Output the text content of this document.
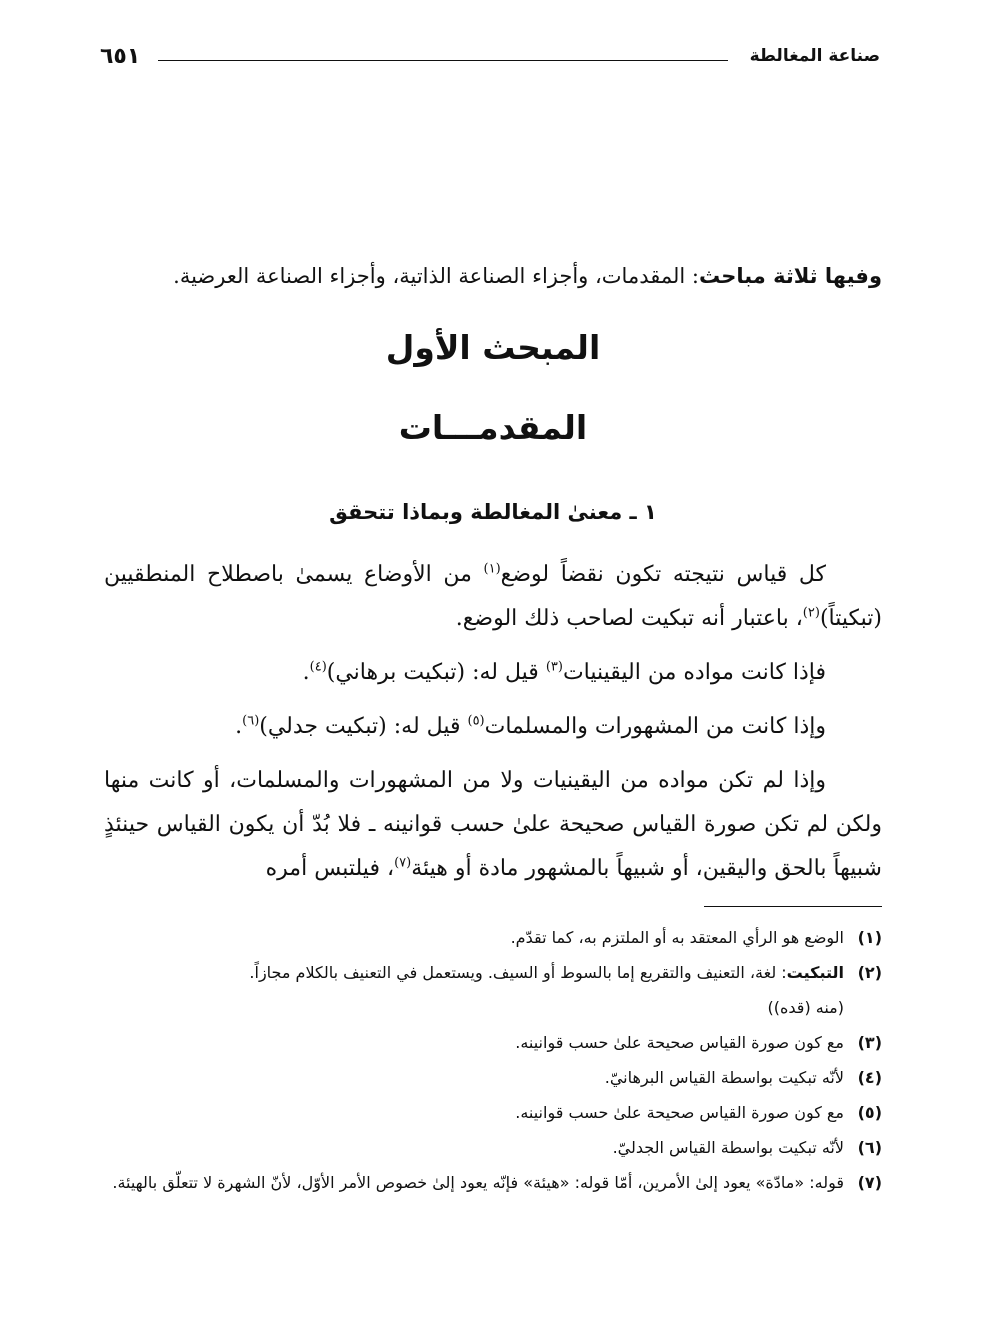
٦٥١	صناعة المغالطة

وفيها ثلاثة مباحث: المقدمات، وأجزاء الصناعة الذاتية، وأجزاء الصناعة العرضية.

المبحث الأول
المقدمـــات
١ ـ معنىٰ المغالطة وبماذا تتحقق

كل قياس نتيجته تكون نقضاً لوضع$^{(١)}$ من الأوضاع يسمىٰ باصطلاح المنطقيين (تبكيتاً)$^{(٢)}$، باعتبار أنه تبكيت لصاحب ذلك الوضع.

فإذا كانت مواده من اليقينيات$^{(٣)}$ قيل له: (تبكيت برهاني)$^{(٤)}$.

وإذا كانت من المشهورات والمسلمات$^{(٥)}$ قيل له: (تبكيت جدلي)$^{(٦)}$.

وإذا لم تكن مواده من اليقينيات ولا من المشهورات والمسلمات، أو كانت منها ولكن لم تكن صورة القياس صحيحة علىٰ حسب قوانينه ـ فلا بُدّ أن يكون القياس حينئذٍ شبيهاً بالحق واليقين، أو شبيهاً بالمشهور مادة أو هيئة$^{(٧)}$، فيلتبس أمره

(١)
الوضع هو الرأي المعتقد به أو الملتزم به، كما تقدّم.
(٢)
التبكيت: لغة، التعنيف والتقريع إما بالسوط أو السيف. ويستعمل في التعنيف بالكلام مجازاً.
(منه (قده))
(٣)
مع كون صورة القياس صحيحة علىٰ حسب قوانينه.
(٤)
لأنّه تبكيت بواسطة القياس البرهانيّ.
(٥)
مع كون صورة القياس صحيحة علىٰ حسب قوانينه.
(٦)
لأنّه تبكيت بواسطة القياس الجدليّ.
(٧)
قوله: «مادّة» يعود إلىٰ الأمرين، أمّا قوله: «هيئة» فإنّه يعود إلىٰ خصوص الأمر الأوّل، لأنّ الشهرة لا تتعلّق بالهيئة.
